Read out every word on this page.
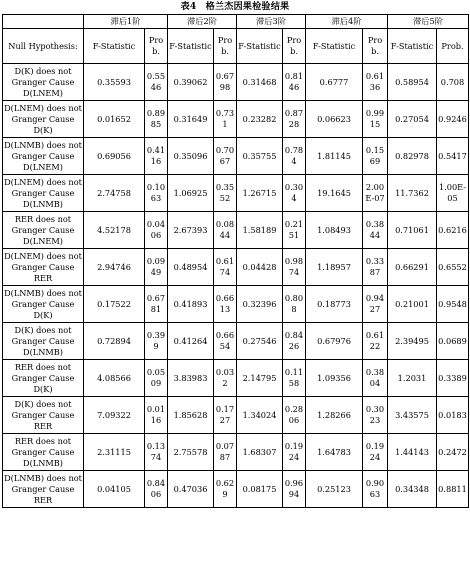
表4　格兰杰因果检验结果
	滞后1阶		滞后2阶		滞后3阶		滞后4阶		滞后5阶	
Null Hypothesis:	F-Statistic	Prob.	F-Statistic	Prob.	F-Statistic	Prob.	F-Statistic	Prob.	F-Statistic	Prob.
D(K) does not Granger Cause D(LNEM)	0.35593	0.5546	0.39062	0.6798	0.31468	0.8146	0.6777	0.6136	0.58954	0.708
D(LNEM) does not Granger Cause D(K)	0.01652	0.8985	0.31649	0.731	0.23282	0.8728	0.06623	0.9915	0.27054	0.9246
D(LNMB) does not Granger Cause D(LNEM)	0.69056	0.4116	0.35096	0.7067	0.35755	0.784	1.81145	0.1569	0.82978	0.5417
D(LNEM) does not Granger Cause D(LNMB)	2.74758	0.1063	1.06925	0.3552	1.26715	0.304	19.1645	2.00E-07	11.7362	1.00E-05
RER does not Granger Cause D(LNEM)	4.52178	0.0406	2.67393	0.0844	1.58189	0.2151	1.08493	0.3844	0.71061	0.6216
D(LNEM) does not Granger Cause RER	2.94746	0.0949	0.48954	0.6174	0.04428	0.9874	1.18957	0.3387	0.66291	0.6552
D(LNMB) does not Granger Cause D(K)	0.17522	0.6781	0.41893	0.6613	0.32396	0.808	0.18773	0.9427	0.21001	0.9548
D(K) does not Granger Cause D(LNMB)	0.72894	0.399	0.41264	0.6654	0.27546	0.8426	0.67976	0.6122	2.39495	0.0689
RER does not Granger Cause D(K)	4.08566	0.0509	3.83983	0.032	2.14795	0.1158	1.09356	0.3804	1.2031	0.3389
D(K) does not Granger Cause RER	7.09322	0.0116	1.85628	0.1727	1.34024	0.2806	1.28266	0.3023	3.43575	0.0183
RER does not Granger Cause D(LNMB)	2.31115	0.1374	2.75578	0.0787	1.68307	0.1924	1.64783	0.1924	1.44143	0.2472
D(LNMB) does not Granger Cause RER	0.04105	0.8406	0.47036	0.629	0.08175	0.9694	0.25123	0.9063	0.34348	0.8811
